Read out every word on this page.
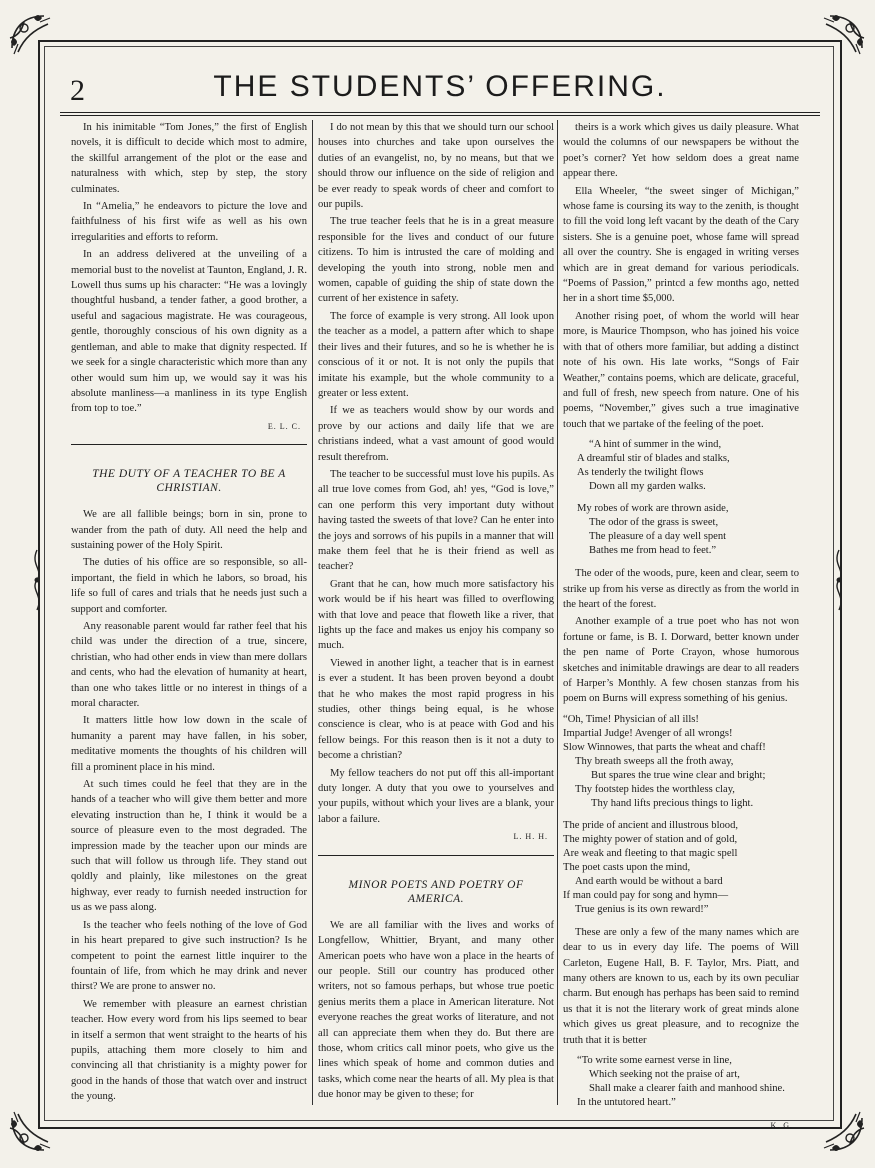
2	THE STUDENTS’ OFFERING.

In his inimitable “Tom Jones,” the first of English novels, it is difficult to decide which most to admire, the skillful arrangement of the plot or the ease and naturalness with which, step by step, the story culminates.

In “Amelia,” he endeavors to picture the love and faithfulness of his first wife as well as his own irregularities and efforts to reform.

In an address delivered at the unveiling of a memorial bust to the novelist at Taunton, England, J. R. Lowell thus sums up his character: “He was a lovingly thoughtful husband, a tender father, a good brother, a useful and sagacious magistrate. He was courageous, gentle, thoroughly conscious of his own dignity as a gentleman, and able to make that dignity respected. If we seek for a single characteristic which more than any other would sum him up, we would say it was his absolute manliness—a manliness in its type English from top to toe.”

E. L. C.

THE DUTY OF A TEACHER TO BE A CHRISTIAN.

We are all fallible beings; born in sin, prone to wander from the path of duty. All need the help and sustaining power of the Holy Spirit.

The duties of his office are so responsible, so all-important, the field in which he labors, so broad, his life so full of cares and trials that he needs just such a support and comforter.

Any reasonable parent would far rather feel that his child was under the direction of a true, sincere, christian, who had other ends in view than mere dollars and cents, who had the elevation of humanity at heart, than one who takes little or no interest in things of a moral character.

It matters little how low down in the scale of humanity a parent may have fallen, in his sober, meditative moments the thoughts of his children will fill a prominent place in his mind.

At such times could he feel that they are in the hands of a teacher who will give them better and more elevating instruction than he, I think it would be a source of pleasure even to the most degraded. The impression made by the teacher upon our minds are such that will follow us through life. They stand out qoldly and plainly, like milestones on the great highway, ever ready to furnish needed instruction for us as we pass along.

Is the teacher who feels nothing of the love of God in his heart prepared to give such instruction? Is he competent to point the earnest little inquirer to the fountain of life, from which he may drink and never thirst? We are prone to answer no.

We remember with pleasure an earnest christian teacher. How every word from his lips seemed to bear in itself a sermon that went straight to the hearts of his pupils, attaching them more closely to him and convincing all that christianity is a mighty power for good in the hands of those that watch over and instruct the young.

I do not mean by this that we should turn our school houses into churches and take upon ourselves the duties of an evangelist, no, by no means, but that we should throw our influence on the side of religion and be ever ready to speak words of cheer and comfort to our pupils.

The true teacher feels that he is in a great measure responsible for the lives and conduct of our future citizens. To him is intrusted the care of molding and developing the youth into strong, noble men and women, capable of guiding the ship of state down the current of her existence in safety.

The force of example is very strong. All look upon the teacher as a model, a pattern after which to shape their lives and their futures, and so he is whether he is conscious of it or not. It is not only the pupils that imitate his example, but the whole community to a greater or less extent.

If we as teachers would show by our words and prove by our actions and daily life that we are christians indeed, what a vast amount of good would result therefrom.

The teacher to be successful must love his pupils. As all true love comes from God, ah! yes, “God is love,” can one perform this very important duty without having tasted the sweets of that love? Can he enter into the joys and sorrows of his pupils in a manner that will make them feel that he is their friend as well as teacher?

Grant that he can, how much more satisfactory his work would be if his heart was filled to overflowing with that love and peace that floweth like a river, that lights up the face and makes us enjoy his company so much.

Viewed in another light, a teacher that is in earnest is ever a student. It has been proven beyond a doubt that he who makes the most rapid progress in his studies, other things being equal, is he whose conscience is clear, who is at peace with God and his fellow beings. For this reason then is it not a duty to become a christian?

My fellow teachers do not put off this all-important duty longer. A duty that you owe to yourselves and your pupils, without which your lives are a blank, your labor a failure.

L. H. H.

MINOR POETS AND POETRY OF AMERICA.

We are all familiar with the lives and works of Longfellow, Whittier, Bryant, and many other American poets who have won a place in the hearts of our people. Still our country has produced other writers, not so famous perhaps, but whose true poetic genius merits them a place in American literature. Not everyone reaches the great works of literature, and not all can appreciate them when they do. But there are those, whom critics call minor poets, who give us the lines which speak of home and common duties and tasks, which come near the hearts of all. My plea is that due honor may be given to these; for

theirs is a work which gives us daily pleasure. What would the columns of our newspapers be without the poet’s corner? Yet how seldom does a great name appear there.

Ella Wheeler, “the sweet singer of Michigan,” whose fame is coursing its way to the zenith, is thought to fill the void long left vacant by the death of the Cary sisters. She is a genuine poet, whose fame will spread all over the country. She is engaged in writing verses which are in great demand for various periodicals. “Poems of Passion,” printcd a few months ago, netted her in a short time $5,000.

Another rising poet, of whom the world will hear more, is Maurice Thompson, who has joined his voice with that of others more familiar, but adding a distinct note of his own. His late works, “Songs of Fair Weather,” contains poems, which are delicate, graceful, and full of fresh, new speech from nature. One of his poems, “November,” gives such a true imaginative touch that we partake of the feeling of the poet.

“A hint of summer in the wind,
A dreamful stir of blades and stalks,
As tenderly the twilight flows
Down all my garden walks.
My robes of work are thrown aside,
The odor of the grass is sweet,
The pleasure of a day well spent
Bathes me from head to feet.”

The oder of the woods, pure, keen and clear, seem to strike up from his verse as directly as from the world in the heart of the forest.

Another example of a true poet who has not won fortune or fame, is B. I. Dorward, better known under the pen name of Porte Crayon, whose humorous sketches and inimitable drawings are dear to all readers of Harper’s Monthly. A few chosen stanzas from his poem on Burns will express something of his genius.

“Oh, Time! Physician of all ills!
Impartial Judge! Avenger of all wrongs!
Slow Winnowes, that parts the wheat and chaff!
Thy breath sweeps all the froth away,
But spares the true wine clear and bright;
Thy footstep hides the worthless clay,
Thy hand lifts precious things to light.
The pride of ancient and illustrous blood,
The mighty power of station and of gold,
Are weak and fleeting to that magic spell
The poet casts upon the mind,
And earth would be without a bard
If man could pay for song and hymn—
True genius is its own reward!”

These are only a few of the many names which are dear to us in every day life. The poems of Will Carleton, Eugene Hall, B. F. Taylor, Mrs. Piatt, and many others are known to us, each by its own peculiar charm. But enough has perhaps has been said to remind us that it is not the literary work of great minds alone which gives us great pleasure, and to recognize the truth that it is better

“To write some earnest verse in line,
Which seeking not the praise of art,
Shall make a clearer faith and manhood shine.
In the untutored heart.”

K. G.
